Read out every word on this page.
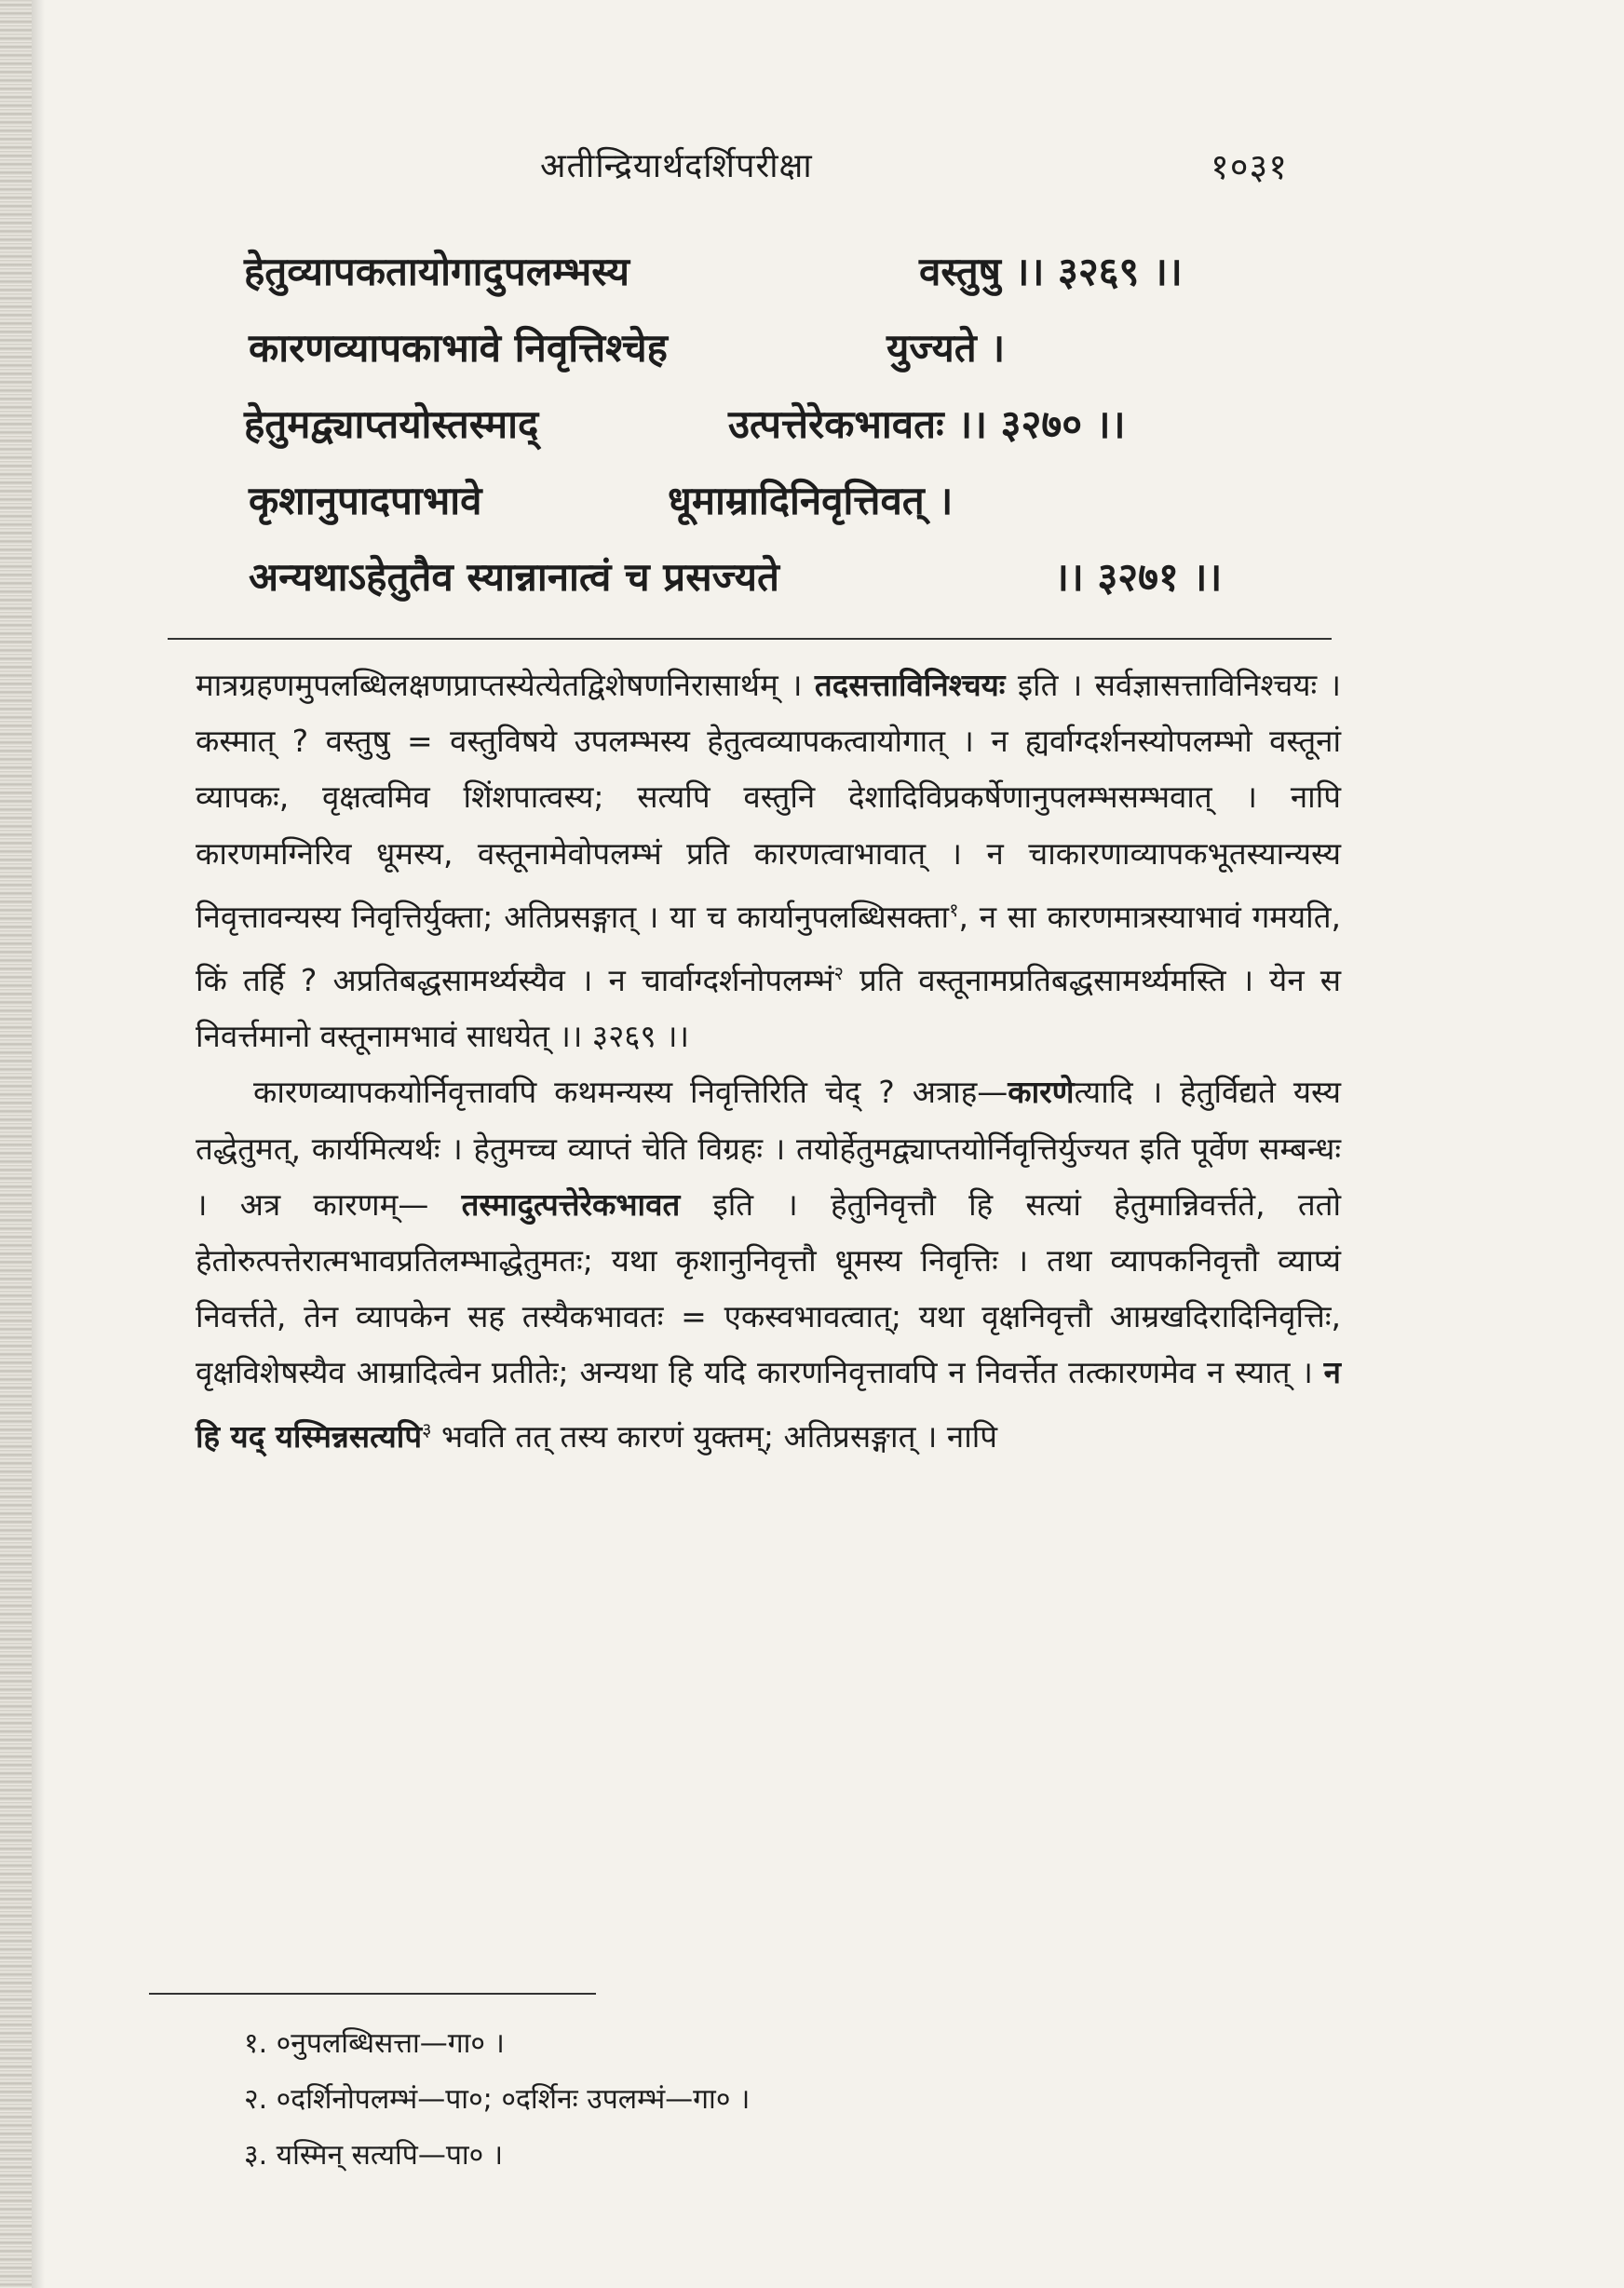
अतीन्द्रियार्थदर्शिपरीक्षा	१०३१
हेतुव्यापकतायोगादुपलम्भस्य	वस्तुषु ।। ३२६९ ।।
कारणव्यापकाभावे निवृत्तिश्चेह	युज्यते ।
हेतुमद्व्याप्तयोस्तस्माद्	उत्पत्तेरेकभावतः ।। ३२७० ।।
कृशानुपादपाभावे	धूमाम्रादिनिवृत्तिवत् ।
अन्यथाऽहेतुतैव स्यान्नानात्वं च प्रसज्यते	।। ३२७१ ।।

मात्रग्रहणमुपलब्धिलक्षणप्राप्तस्येत्येतद्विशेषणनिरासार्थम् । तदसत्ताविनिश्चयः इति । सर्वज्ञासत्ताविनिश्चयः । कस्मात् ? वस्तुषु = वस्तुविषये उपलम्भस्य हेतुत्वव्यापकत्वायोगात् । न ह्यर्वाग्दर्शनस्योपलम्भो वस्तूनां व्यापकः, वृक्षत्वमिव शिंशपात्वस्य; सत्यपि वस्तुनि देशादिविप्रकर्षेणानुपलम्भसम्भवात् । नापि कारणमग्निरिव धूमस्य, वस्तूनामेवोपलम्भं प्रति कारणत्वाभावात् । न चाकारणाव्यापकभूतस्यान्यस्य निवृत्तावन्यस्य निवृत्तिर्युक्ता; अतिप्रसङ्गात् । या च कार्यानुपलब्धिसक्ता$^१$, न सा कारणमात्रस्याभावं गमयति, किं तर्हि ? अप्रतिबद्धसामर्थ्यस्यैव । न चार्वाग्दर्शनोपलम्भं$^२$ प्रति वस्तूनामप्रतिबद्धसामर्थ्यमस्ति । येन स निवर्त्तमानो वस्तूनामभावं साधयेत् ।। ३२६९ ।।

कारणव्यापकयोर्निवृत्तावपि कथमन्यस्य निवृत्तिरिति चेद् ? अत्राह—कारणेत्यादि । हेतुर्विद्यते यस्य तद्धेतुमत्, कार्यमित्यर्थः । हेतुमच्च व्याप्तं चेति विग्रहः । तयोर्हेतुमद्व्याप्तयोर्निवृत्तिर्युज्यत इति पूर्वेण सम्बन्धः । अत्र कारणम्— तस्मादुत्पत्तेरेकभावत इति । हेतुनिवृत्तौ हि सत्यां हेतुमान्निवर्त्तते, ततो हेतोरुत्पत्तेरात्मभावप्रतिलम्भाद्धेतुमतः; यथा कृशानुनिवृत्तौ धूमस्य निवृत्तिः । तथा व्यापकनिवृत्तौ व्याप्यं निवर्त्तते, तेन व्यापकेन सह तस्यैकभावतः = एकस्वभावत्वात्; यथा वृक्षनिवृत्तौ आम्रखदिरादिनिवृत्तिः, वृक्षविशेषस्यैव आम्रादित्वेन प्रतीतेः; अन्यथा हि यदि कारणनिवृत्तावपि न निवर्त्तेत तत्कारणमेव न स्यात् । न हि यद् यस्मिन्नसत्यपि$^३$ भवति तत् तस्य कारणं युक्तम्; अतिप्रसङ्गात् । नापि

१. ०नुपलब्धिसत्ता—गा० ।
२. ०दर्शिनोपलम्भं—पा०; ०दर्शिनः उपलम्भं—गा० ।
३. यस्मिन् सत्यपि—पा० ।
